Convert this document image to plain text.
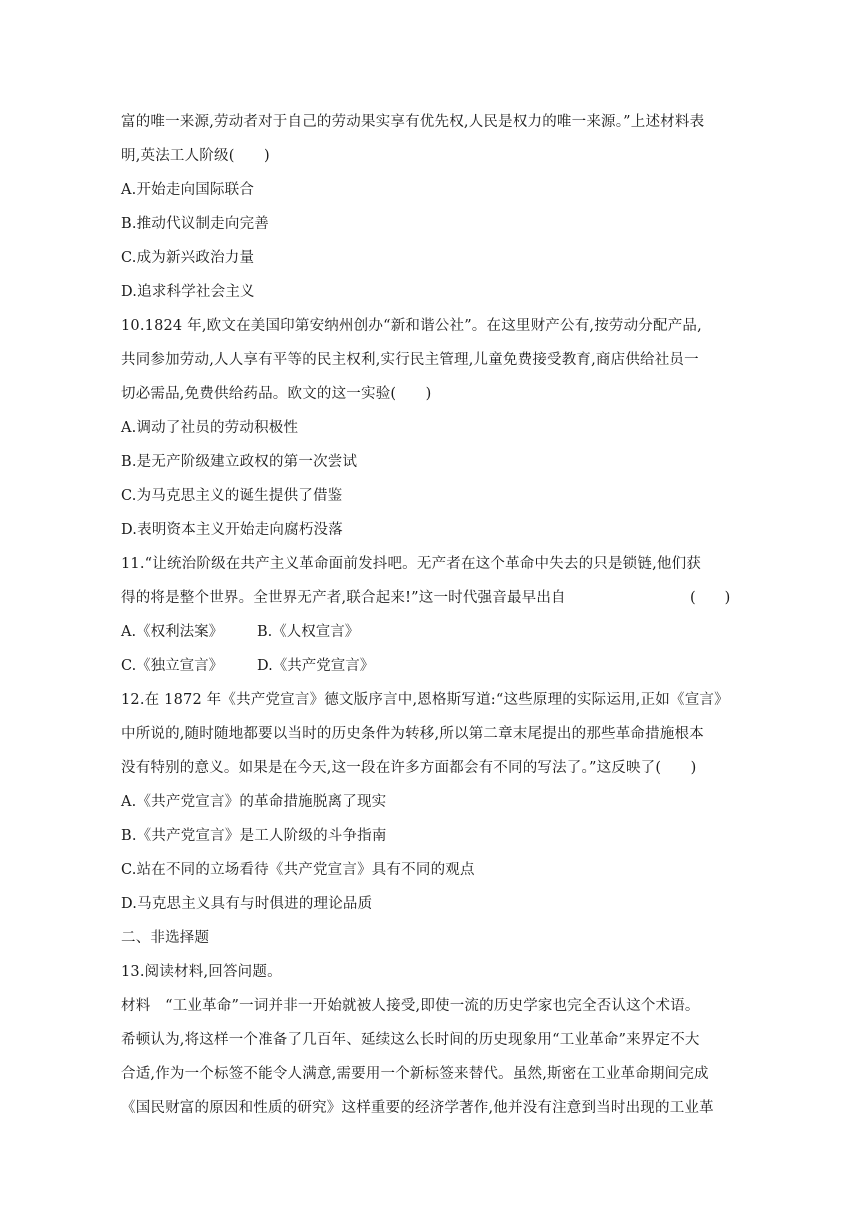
富的唯一来源,劳动者对于自己的劳动果实享有优先权,人民是权力的唯一来源。”上述材料表
明,英法工人阶级(　　)
A.开始走向国际联合
B.推动代议制走向完善
C.成为新兴政治力量
D.追求科学社会主义
10.1824 年,欧文在美国印第安纳州创办“新和谐公社”。在这里财产公有,按劳动分配产品,
共同参加劳动,人人享有平等的民主权利,实行民主管理,儿童免费接受教育,商店供给社员一
切必需品,免费供给药品。欧文的这一实验(　　)
A.调动了社员的劳动积极性
B.是无产阶级建立政权的第一次尝试
C.为马克思主义的诞生提供了借鉴
D.表明资本主义开始走向腐朽没落
11.“让统治阶级在共产主义革命面前发抖吧。无产者在这个革命中失去的只是锁链,他们获
得的将是整个世界。全世界无产者,联合起来!”这一时代强音最早出自	(　　)
A.《权利法案》 B.《人权宣言》
C.《独立宣言》 D.《共产党宣言》
12.在 1872 年《共产党宣言》德文版序言中,恩格斯写道:“这些原理的实际运用,正如《宣言》
中所说的,随时随地都要以当时的历史条件为转移,所以第二章末尾提出的那些革命措施根本
没有特别的意义。如果是在今天,这一段在许多方面都会有不同的写法了。”这反映了(　　)
A.《共产党宣言》的革命措施脱离了现实
B.《共产党宣言》是工人阶级的斗争指南
C.站在不同的立场看待《共产党宣言》具有不同的观点
D.马克思主义具有与时俱进的理论品质
二、非选择题
13.阅读材料,回答问题。
材料　“工业革命”一词并非一开始就被人接受,即使一流的历史学家也完全否认这个术语。
希顿认为,将这样一个准备了几百年、延续这么长时间的历史现象用“工业革命”来界定不大
合适,作为一个标签不能令人满意,需要用一个新标签来替代。虽然,斯密在工业革命期间完成
《国民财富的原因和性质的研究》这样重要的经济学著作,他并没有注意到当时出现的工业革
